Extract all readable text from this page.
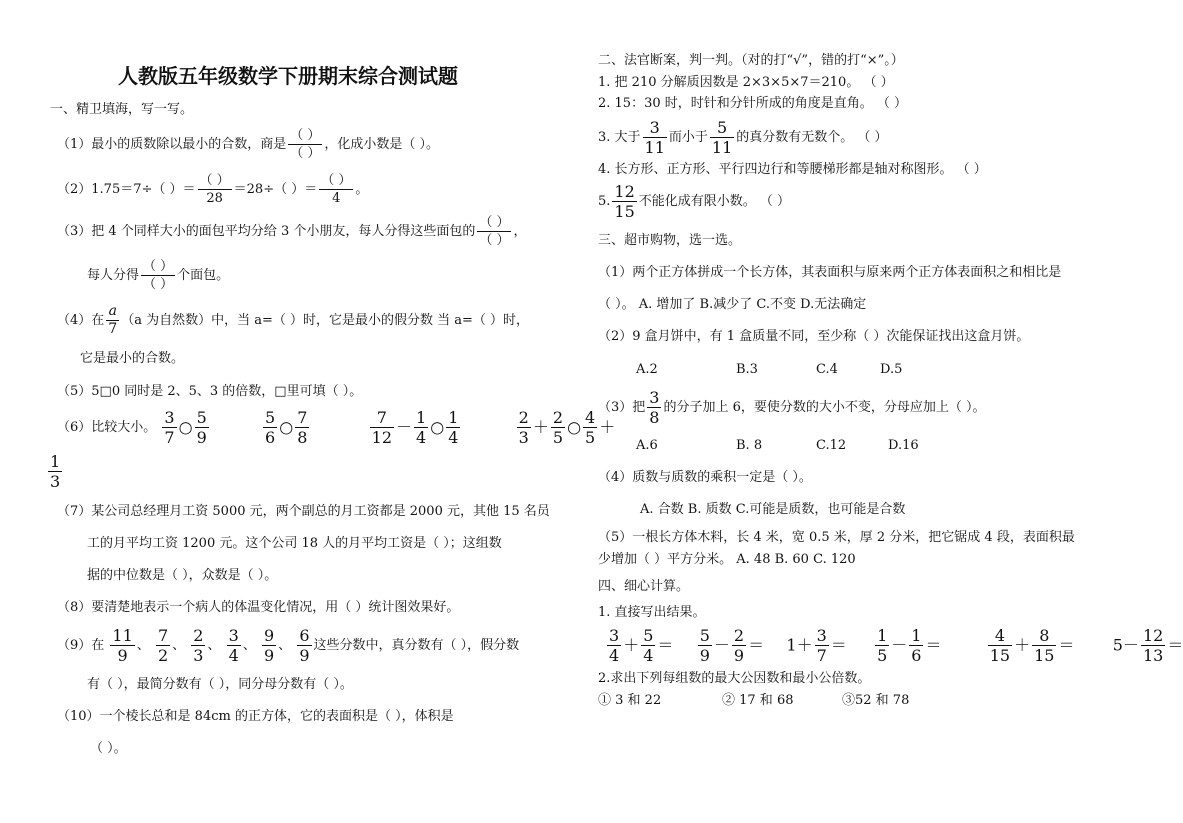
人教版五年级数学下册期末综合测试题
一、精卫填海，写一写。
（1）最小的质数除以最小的合数，商是
（ ）
（ ）
，化成小数是（ ）。
（2）1.75＝7÷（ ）＝
（ ）
28
＝28÷（ ）＝
（ ）
4
。
（3）把 4 个同样大小的面包平均分给 3 个小朋友，每人分得这些面包的
（ ）
（ ）
，
每人分得
（ ）
（ ）
个面包。
（4）在 $\frac{a}{7} (a$ 为自然数）中，当 a=（ ）时，它是最小的假分数 当 a=（ ）时，
它是最小的合数。
（5）5□0 同时是 2、5、3 的倍数，□里可填（ ）。
（6）比较大小。 $\frac{3}{7}$ ○ $\frac{5}{9}$
	$\frac{5}{6}$ ○ $\frac{7}{8}$
	$\frac{7}{12} - \frac{1}{4}$ ○ $\frac{1}{4}$
	$\frac{2}{3} + \frac{2}{5}$ ○ $\frac{4}{5}$ ＋
$\frac{1}{3}$
（7）某公司总经理月工资 5000 元，两个副总的月工资都是 2000 元，其他 15 名员
工的月平均工资 1200 元。这个公司 18 人的月平均工资是（ ）；这组数
据的中位数是（ ），众数是（ ）。
（8）要清楚地表示一个病人的体温变化情况，用（ ）统计图效果好。
（9）在 $\frac{11}{9}$ 、 $\frac{7}{2}$ 、 $\frac{2}{3}$ 、 $\frac{3}{4}$ 、 $\frac{9}{9}$ 、 $\frac{6}{9}$ 这些分数中，真分数有（ ），假分数
有（ ），最简分数有（ ），同分母分数有（ ）。
（10）一个棱长总和是 84cm 的正方体，它的表面积是（ ），体积是
（ ）。
二、法官断案，判一判。（对的打“√”，错的打“×”。）
1. 把 210 分解质因数是 2×3×5×7＝210。 （ ）
2. 15：30 时，时针和分针所成的角度是直角。 （ ）
3. 大于 $\frac{3}{11}$ 而小于 $\frac{5}{11}$ 的真分数有无数个。 （ ）
4. 长方形、正方形、平行四边行和等腰梯形都是轴对称图形。 （ ）
5. $\frac{12}{15}$ 不能化成有限小数。 （ ）
三、超市购物，选一选。
（1）两个正方体拼成一个长方体，其表面积与原来两个正方体表面积之和相比是
（ ）。 A. 增加了 B.减少了 C.不变 D.无法确定
（2）9 盒月饼中，有 1 盒质量不同，至少称（ ）次能保证找出这盒月饼。
A.2	B.3	C.4	D.5
（3）把 $\frac{3}{8}$ 的分子加上 6，要使分数的大小不变，分母应加上（ ）。
A.6	B. 8	C.12	D.16
（4）质数与质数的乘积一定是（ ）。
A. 合数 B. 质数 C.可能是质数，也可能是合数
（5）一根长方体木料，长 4 米，宽 0.5 米，厚 2 分米，把它锯成 4 段，表面积最
少增加（ ）平方分米。 A. 48 B. 60 C. 120
四、细心计算。
1. 直接写出结果。
$\frac{3}{4} + \frac{5}{4} = \frac{5}{9} - \frac{2}{9} = 1+ \frac{3}{7} = \frac{1}{5} - \frac{1}{6}$ ＝	$\frac{4}{15} + \frac{8}{15} = 5- \frac{12}{13}$ ＝
2.求出下列每组数的最大公因数和最小公倍数。
① 3 和 22	② 17 和 68	③52 和 78
